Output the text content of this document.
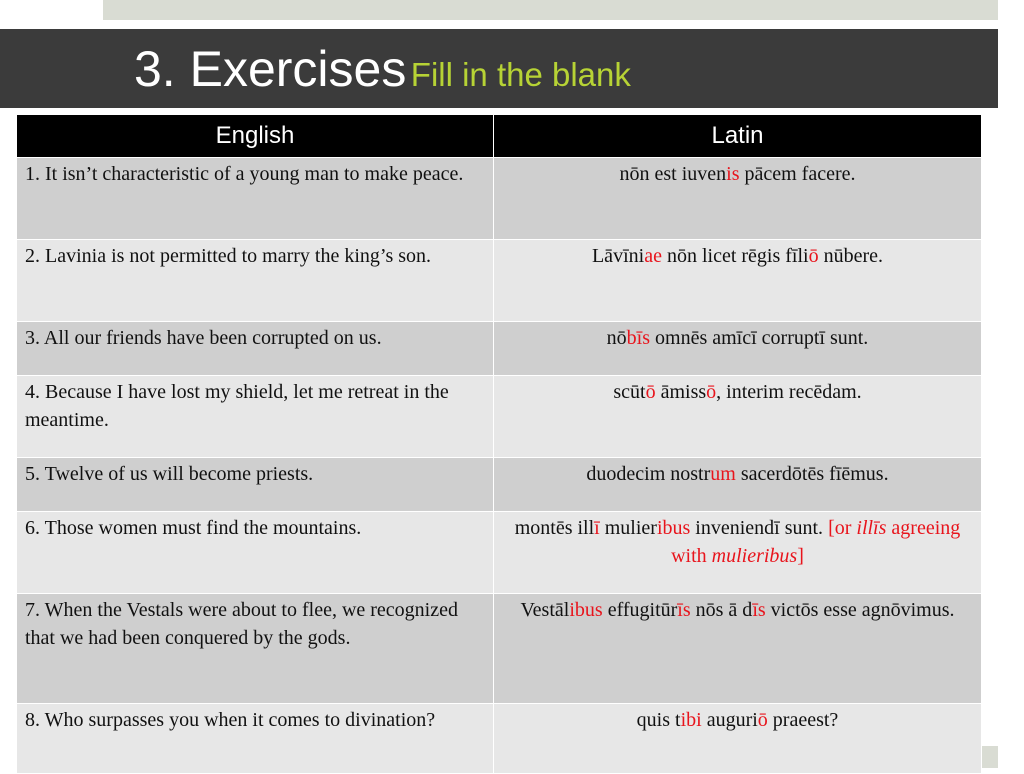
3. Exercises Fill in the blank
English	Latin
1. It isn’t characteristic of a young man to make peace.	nōn est iuvenis pācem facere.
2. Lavinia is not permitted to marry the king’s son.	Lāvīniae nōn licet rēgis fīliō nūbere.
3. All our friends have been corrupted on us.	nōbīs omnēs amīcī corruptī sunt.
4. Because I have lost my shield, let me retreat in the meantime.	scūtō āmissō, interim recēdam.
5. Twelve of us will become priests.	duodecim nostrum sacerdōtēs fīēmus.
6. Those women must find the mountains.	montēs illī mulieribus inveniendī sunt. [or illīs agreeing with mulieribus]
7. When the Vestals were about to flee, we recognized that we had been conquered by the gods.	Vestālibus effugitūrīs nōs ā dīs victōs esse agnōvimus.
8. Who surpasses you when it comes to divination?	quis tibi auguriō praeest?
